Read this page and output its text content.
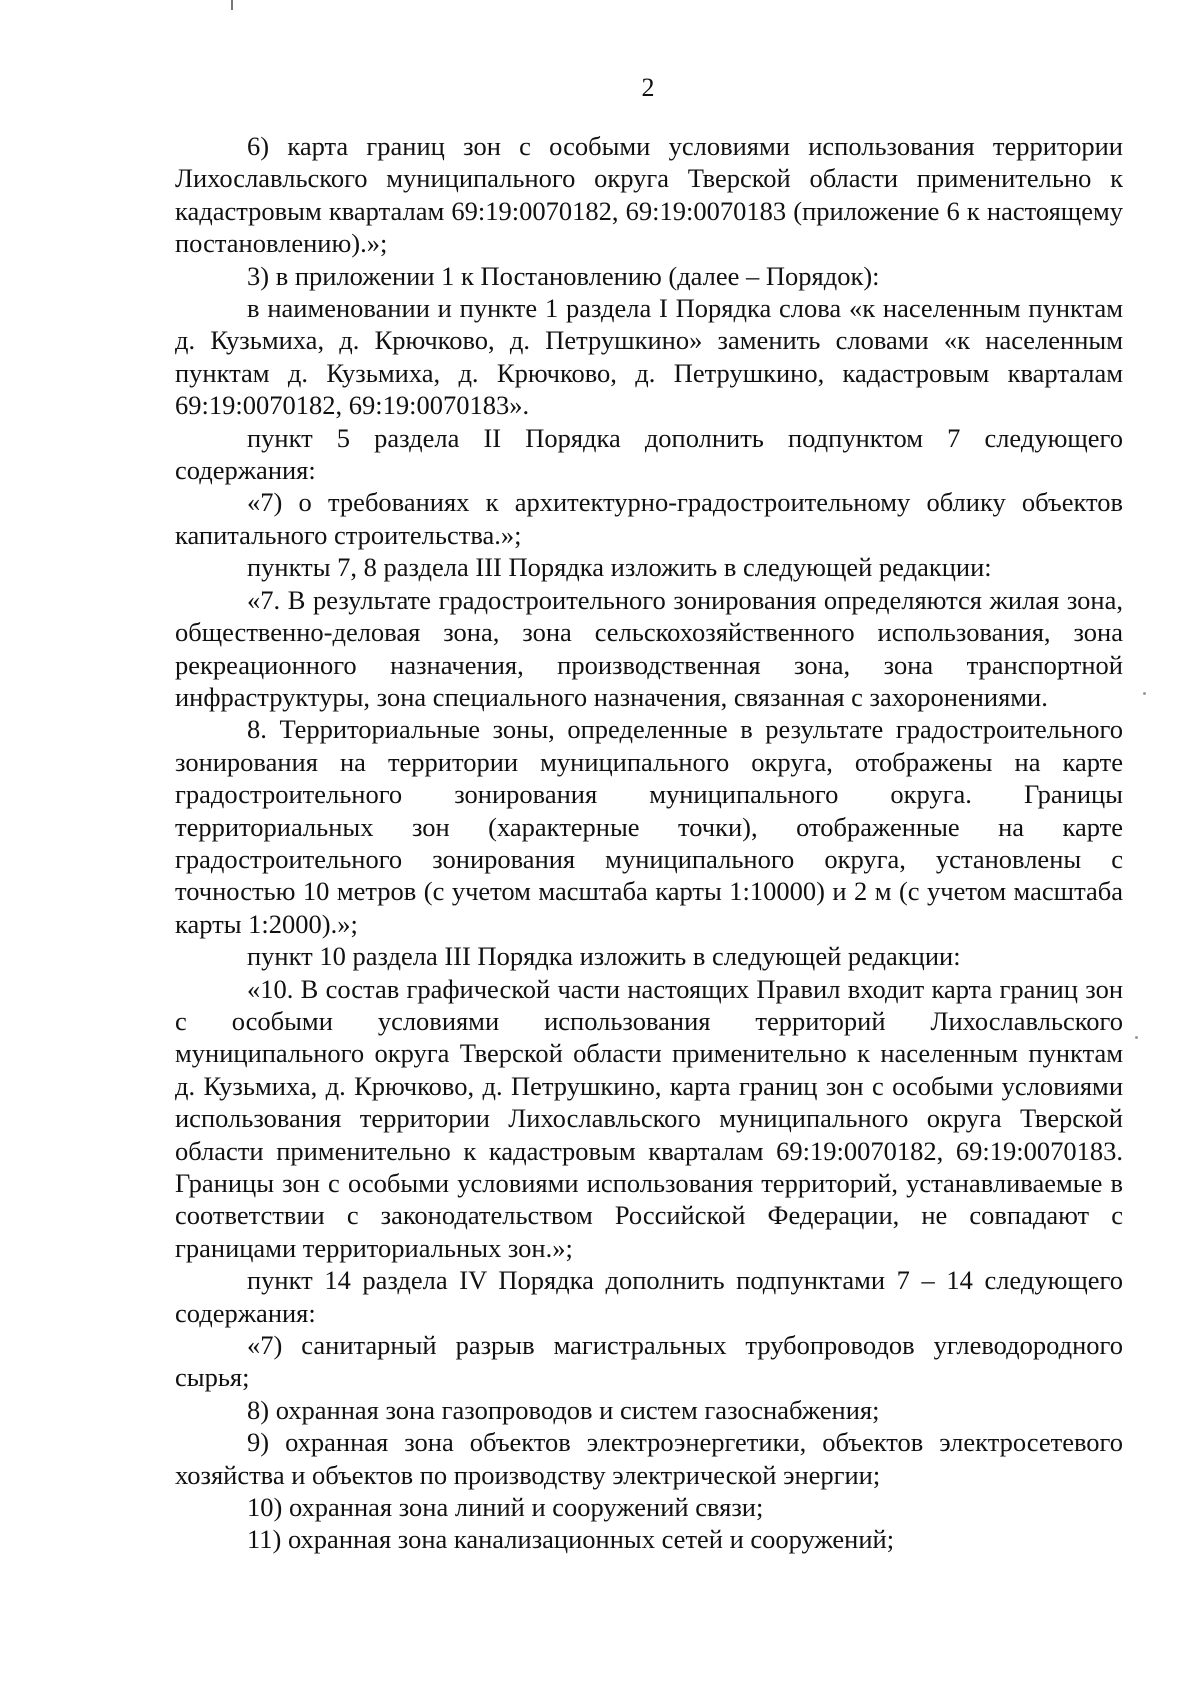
2

6) карта границ зон с особыми условиями использования территории Лихославльского муниципального округа Тверской области применительно к кадастровым кварталам 69:19:0070182, 69:19:0070183 (приложение 6 к настоящему постановлению).»;

3) в приложении 1 к Постановлению (далее – Порядок):

в наименовании и пункте 1 раздела I Порядка слова «к населенным пунктам д. Кузьмиха, д. Крючково, д. Петрушкино» заменить словами «к населенным пунктам д. Кузьмиха, д. Крючково, д. Петрушкино, кадастровым кварталам 69:19:0070182, 69:19:0070183».

пункт 5 раздела II Порядка дополнить подпунктом 7 следующего содержания:

«7) о требованиях к архитектурно-градостроительному облику объектов капитального строительства.»;

пункты 7, 8 раздела III Порядка изложить в следующей редакции:

«7. В результате градостроительного зонирования определяются жилая зона, общественно-деловая зона, зона сельскохозяйственного использования, зона рекреационного назначения, производственная зона, зона транспортной инфраструктуры, зона специального назначения, связанная с захоронениями.

8. Территориальные зоны, определенные в результате градостроительного зонирования на территории муниципального округа, отображены на карте градостроительного зонирования муниципального округа. Границы территориальных зон (характерные точки), отображенные на карте градостроительного зонирования муниципального округа, установлены с точностью 10 метров (с учетом масштаба карты 1:10000) и 2 м (с учетом масштаба карты 1:2000).»;

пункт 10 раздела III Порядка изложить в следующей редакции:

«10. В состав графической части настоящих Правил входит карта границ зон с особыми условиями использования территорий Лихославльского муниципального округа Тверской области применительно к населенным пунктам д. Кузьмиха, д. Крючково, д. Петрушкино, карта границ зон с особыми условиями использования территории Лихославльского муниципального округа Тверской области применительно к кадастровым кварталам 69:19:0070182, 69:19:0070183. Границы зон с особыми условиями использования территорий, устанавливаемые в соответствии с законодательством Российской Федерации, не совпадают с границами территориальных зон.»;

пункт 14 раздела IV Порядка дополнить подпунктами 7 – 14 следующего содержания:

«7) санитарный разрыв магистральных трубопроводов углеводородного сырья;

8) охранная зона газопроводов и систем газоснабжения;

9) охранная зона объектов электроэнергетики, объектов электросетевого хозяйства и объектов по производству электрической энергии;

10) охранная зона линий и сооружений связи;

11) охранная зона канализационных сетей и сооружений;
